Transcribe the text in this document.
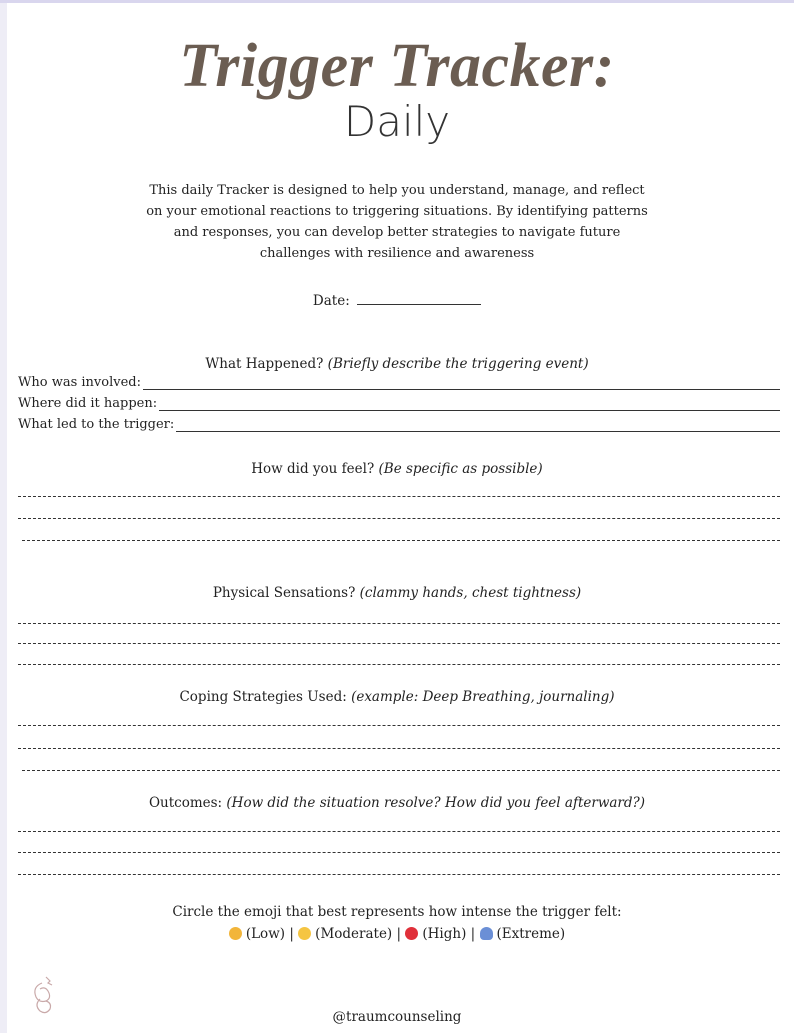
Trigger Tracker:
Daily
This daily Tracker is designed to help you understand, manage, and reflect on your emotional reactions to triggering situations. By identifying patterns and responses, you can develop better strategies to navigate future challenges with resilience and awareness
Date:
What Happened? (Briefly describe the triggering event)
Who was involved:
Where did it happen:
What led to the trigger:
How did you feel? (Be specific as possible)
Physical Sensations? (clammy hands, chest tightness)
Coping Strategies Used: (example: Deep Breathing, journaling)
Outcomes: (How did the situation resolve? How did you feel afterward?)
Circle the emoji that best represents how intense the trigger felt:
(Low) | (Moderate) | (High) | (Extreme)
@traumcounseling
